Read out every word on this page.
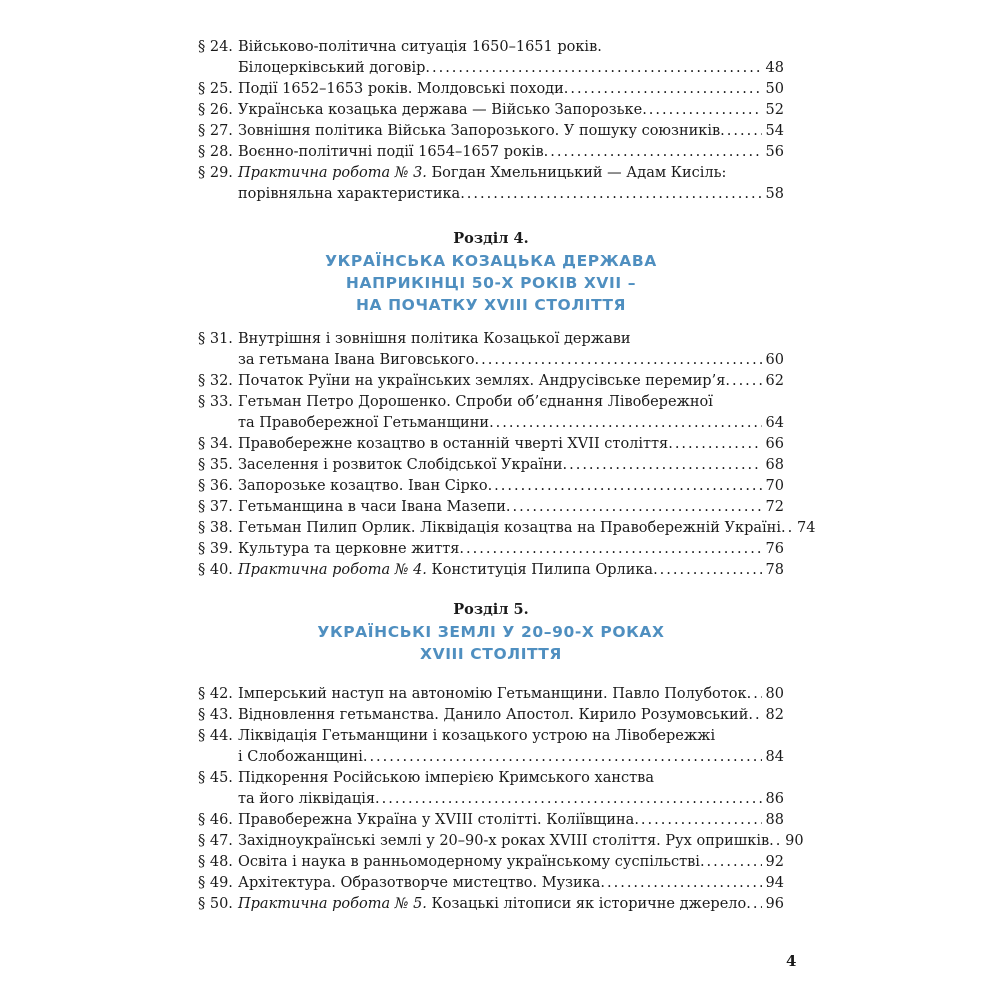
§ 24. Військово-політична ситуація 1650–1651 років.
Білоцерківський договір .....	48
§ 25. Події 1652–1653 років. Молдовські походи .....	50
§ 26. Українська козацька держава — Військо Запорозьке .....	52
§ 27. Зовнішня політика Війська Запорозького. У пошуку союзників .....	54
§ 28. Воєнно-політичні події 1654–1657 років .....	56
§ 29. Практична робота № 3. Богдан Хмельницький — Адам Кисіль:
порівняльна характеристика .....	58
Розділ 4.
УКРАЇНСЬКА КОЗАЦЬКА ДЕРЖАВА
НАПРИКІНЦІ 50-Х РОКІВ XVII –
НА ПОЧАТКУ XVIII СТОЛІТТЯ
§ 31. Внутрішня і зовнішня політика Козацької держави
за гетьмана Івана Виговського .....	60
§ 32. Початок Руїни на українських землях. Андрусівське перемир’я .....	62
§ 33. Гетьман Петро Дорошенко. Спроби об’єднання Лівобережної
та Правобережної Гетьманщини .....	64
§ 34. Правобережне козацтво в останній чверті XVII століття .....	66
§ 35. Заселення і розвиток Слобідської України .....	68
§ 36. Запорозьке козацтво. Іван Сірко .....	70
§ 37. Гетьманщина в часи Івана Мазепи .....	72
§ 38. Гетьман Пилип Орлик. Ліквідація козацтва на Правобережній Україні ..... 74
§ 39. Культура та церковне життя .....	76
§ 40. Практична робота № 4. Конституція Пилипа Орлика .....	78
Розділ 5.
УКРАЇНСЬКІ ЗЕМЛІ У 20–90-Х РОКАХ
XVIII СТОЛІТТЯ
§ 42. Імперський наступ на автономію Гетьманщини. Павло Полуботок ..... 80
§ 43. Відновлення гетьманства. Данило Апостол. Кирило Розумовський ..... 82
§ 44. Ліквідація Гетьманщини і козацького устрою на Лівобережжі
і Слобожанщині .....	84
§ 45. Підкорення Російською імперією Кримського ханства
та його ліквідація .....	86
§ 46. Правобережна Україна у XVIII столітті. Коліївщина .....	88
§ 47. Західноукраїнські землі у 20–90-х роках XVIII століття. Рух опришків ..... 90
§ 48. Освіта і наука в ранньомодерному українському суспільстві .....	92
§ 49. Архітектура. Образотворче мистецтво. Музика .....	94
§ 50. Практична робота № 5. Козацькі літописи як історичне джерело ..... 96
4
